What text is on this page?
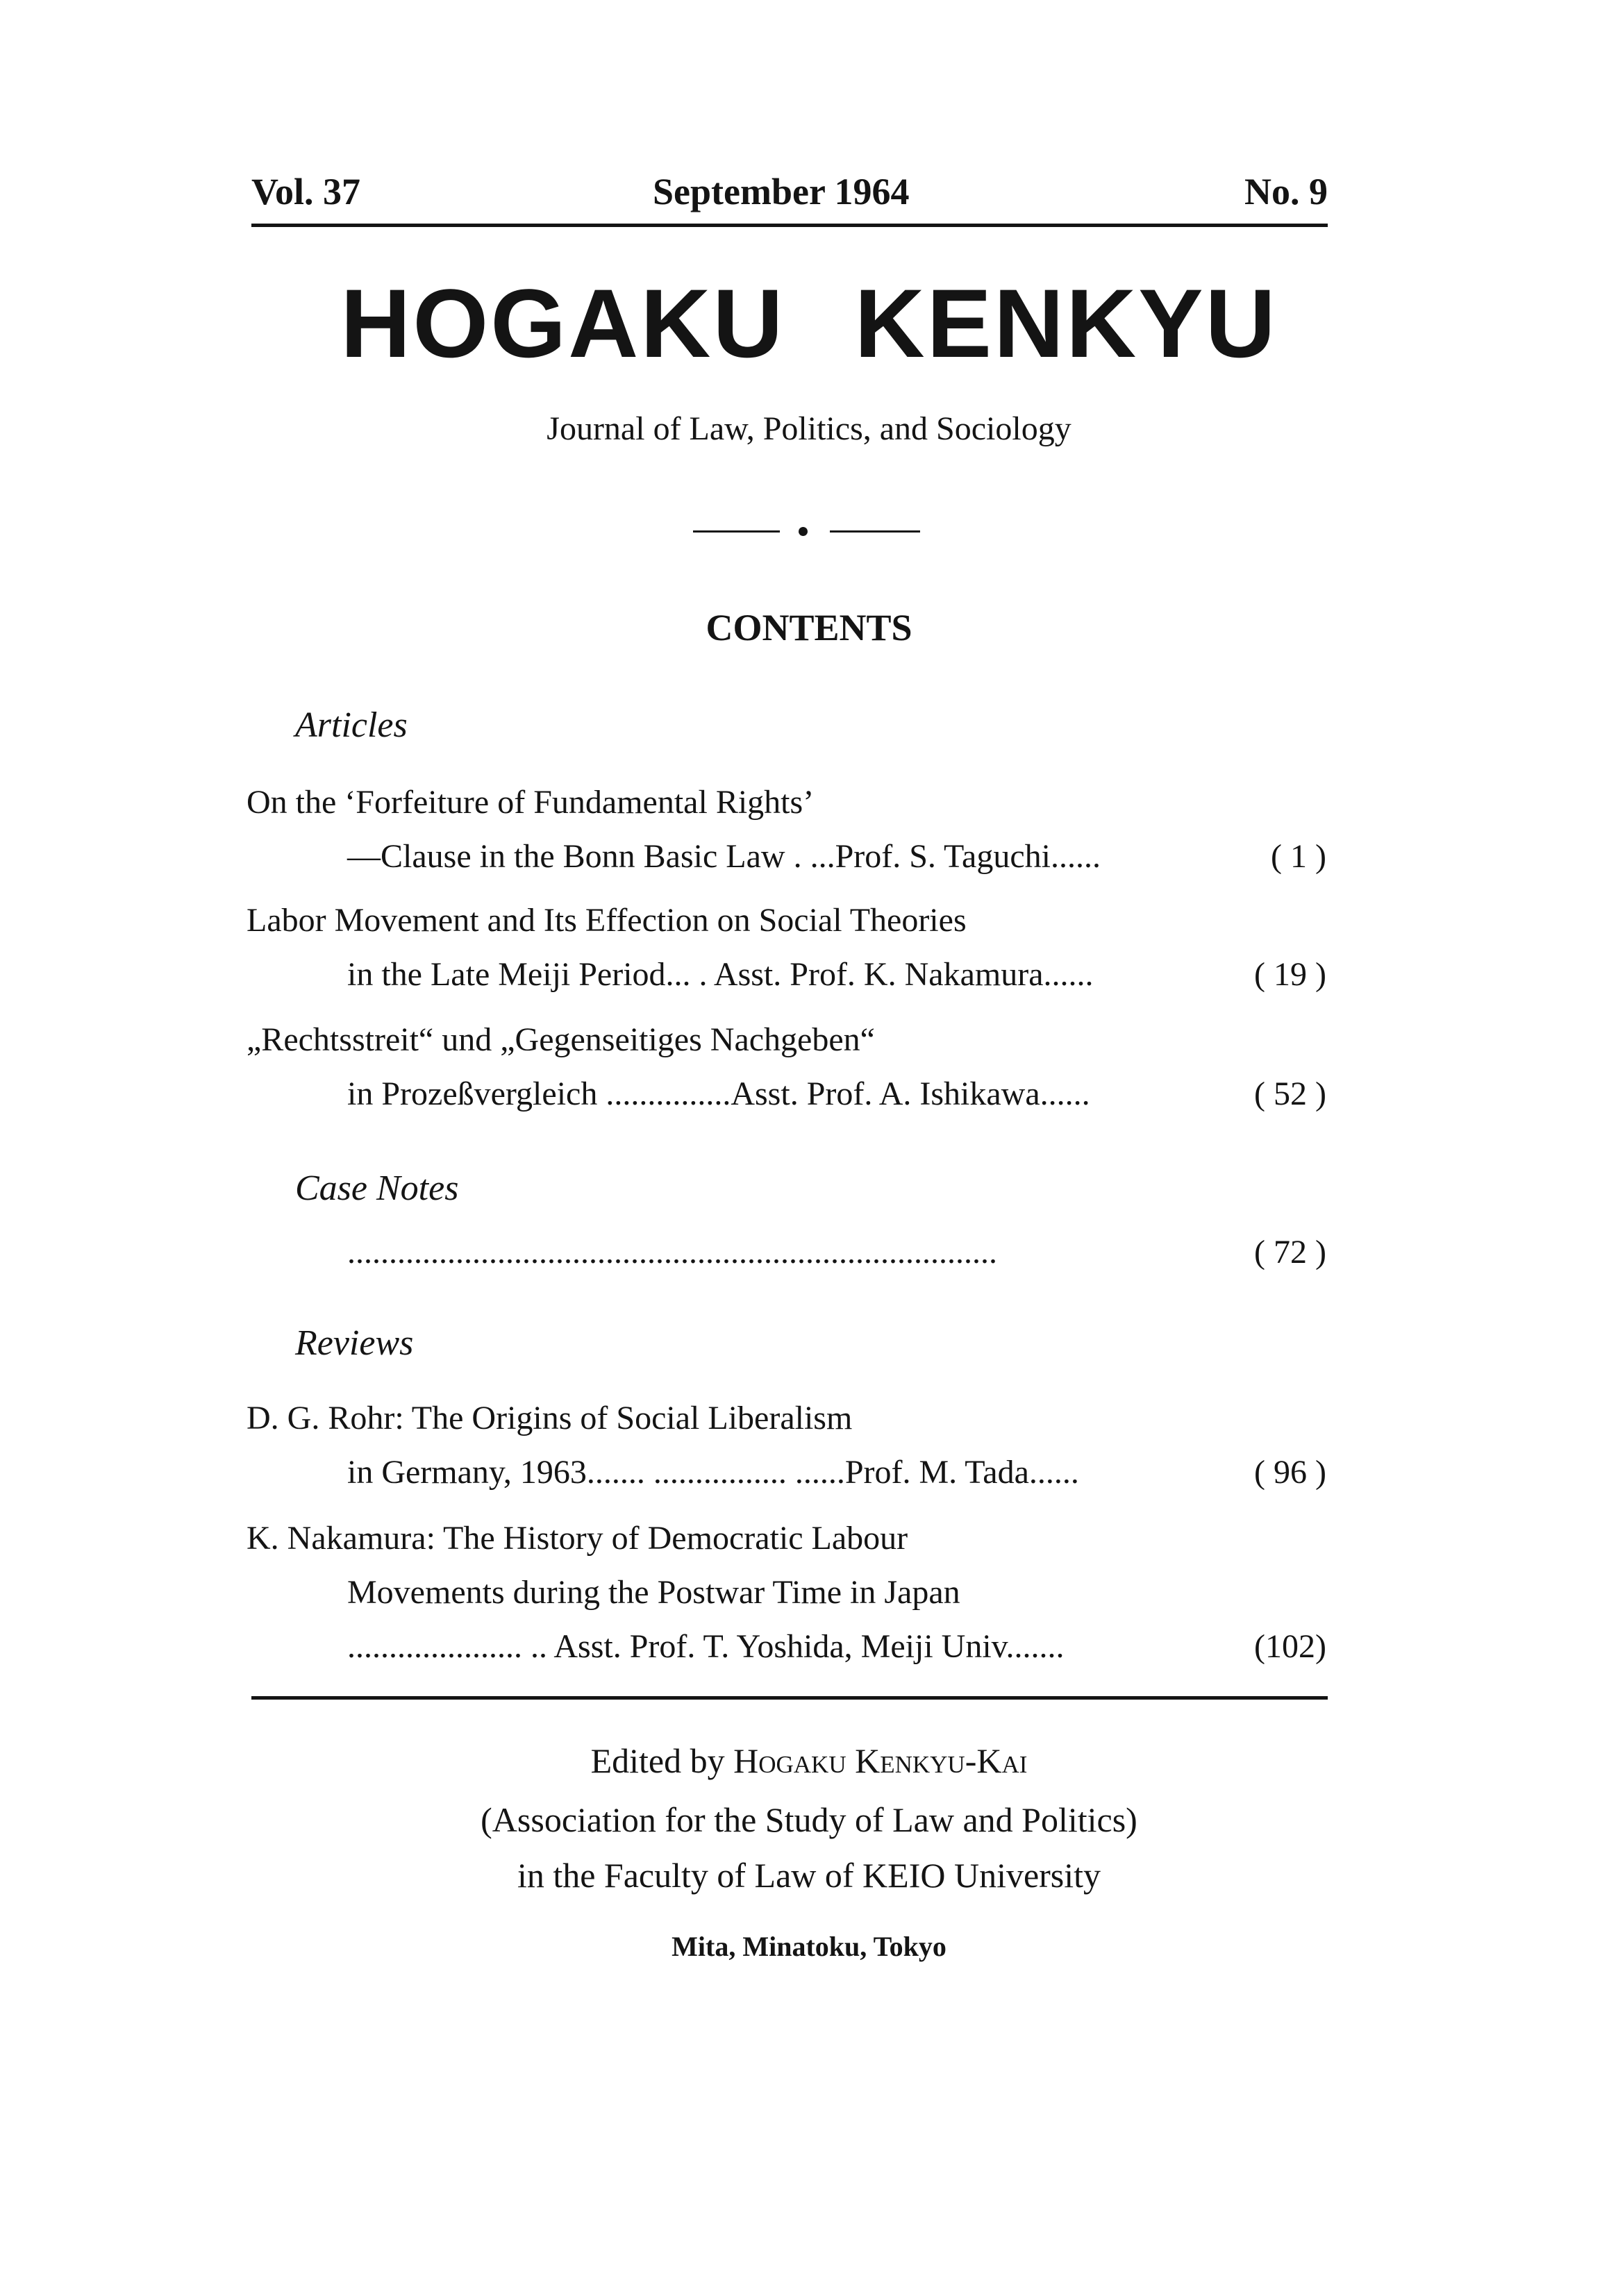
Vol. 37	September 1964	No. 9
HOGAKU KENKYU
Journal of Law, Politics, and Sociology
CONTENTS
Articles
On the ‘Forfeiture of Fundamental Rights’
—Clause in the Bonn Basic Law . ...Prof. S. Taguchi......	( 1 )
Labor Movement and Its Effection on Social Theories
in the Late Meiji Period... . Asst. Prof. K. Nakamura......	( 19 )
„Rechtsstreit“ und „Gegenseitiges Nachgeben“
in Prozeßvergleich ...............Asst. Prof. A. Ishikawa......	( 52 )
Case Notes
..............................................................................	( 72 )
Reviews
D. G. Rohr: The Origins of Social Liberalism
in Germany, 1963....... ................ ......Prof. M. Tada......	( 96 )
K. Nakamura: The History of Democratic Labour
Movements during the Postwar Time in Japan
..................... .. Asst. Prof. T. Yoshida, Meiji Univ.......	(102)
Edited by Hogaku Kenkyu-Kai
(Association for the Study of Law and Politics)
in the Faculty of Law of KEIO University
Mita, Minatoku, Tokyo
